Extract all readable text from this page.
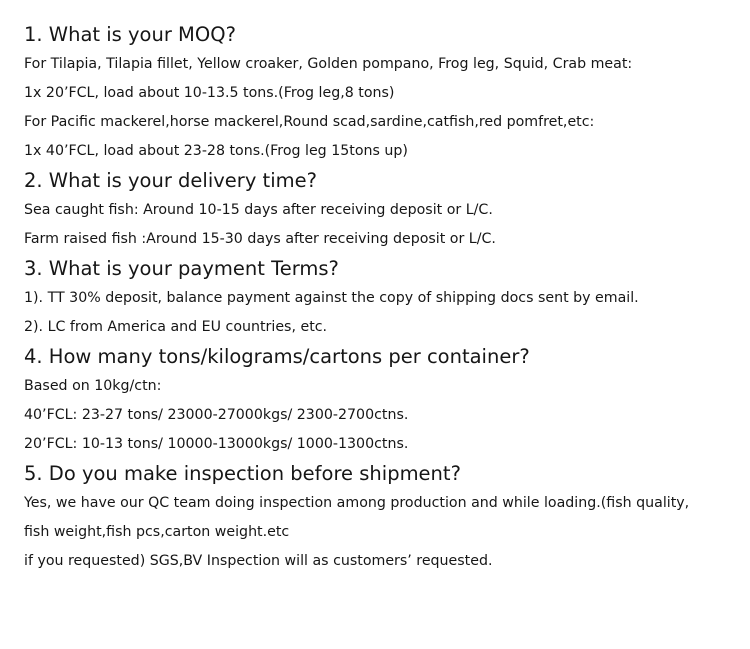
1. What is your MOQ?

For Tilapia, Tilapia fillet, Yellow croaker, Golden pompano, Frog leg, Squid, Crab meat:

1x 20’FCL, load about 10-13.5 tons.(Frog leg,8 tons)

For Pacific mackerel,horse mackerel,Round scad,sardine,catfish,red pomfret,etc:

1x 40’FCL, load about 23-28 tons.(Frog leg 15tons up)

2. What is your delivery time?

Sea caught fish: Around 10-15 days after receiving deposit or L/C.

Farm raised fish :Around 15-30 days after receiving deposit or L/C.

3. What is your payment Terms?

1). TT 30% deposit, balance payment against the copy of shipping docs sent by email.

2). LC from America and EU countries, etc.

4. How many tons/kilograms/cartons per container?

Based on 10kg/ctn:

40’FCL: 23-27 tons/ 23000-27000kgs/ 2300-2700ctns.

20’FCL: 10-13 tons/ 10000-13000kgs/ 1000-1300ctns.

5. Do you make inspection before shipment?

Yes, we have our QC team doing inspection among production and while loading.(fish quality,

fish weight,fish pcs,carton weight.etc

if you requested) SGS,BV Inspection will as customers’ requested.
